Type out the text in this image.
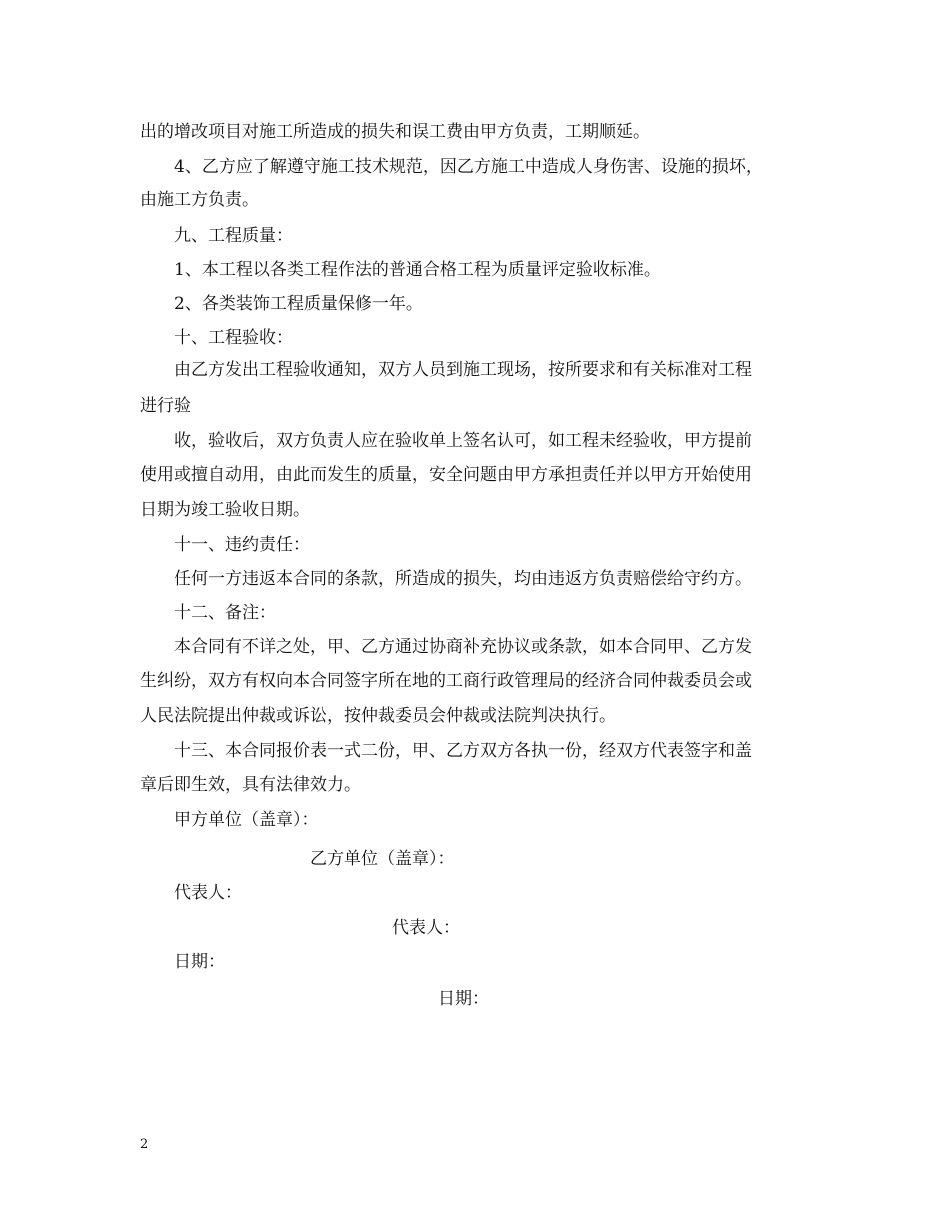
出的增改项目对施工所造成的损失和误工费由甲方负责，工期顺延。
4、乙方应了解遵守施工技术规范，因乙方施工中造成人身伤害、设施的损坏，
由施工方负责。
九、工程质量：
1、本工程以各类工程作法的普通合格工程为质量评定验收标准。
2、各类装饰工程质量保修一年。
十、工程验收：
由乙方发出工程验收通知，双方人员到施工现场，按所要求和有关标准对工程
进行验
收，验收后，双方负责人应在验收单上签名认可，如工程未经验收，甲方提前
使用或擅自动用，由此而发生的质量，安全问题由甲方承担责任并以甲方开始使用
日期为竣工验收日期。
十一、违约责任：
任何一方违返本合同的条款，所造成的损失，均由违返方负责赔偿给守约方。
十二、备注：
本合同有不详之处，甲、乙方通过协商补充协议或条款，如本合同甲、乙方发
生纠纷，双方有权向本合同签字所在地的工商行政管理局的经济合同仲裁委员会或
人民法院提出仲裁或诉讼，按仲裁委员会仲裁或法院判决执行。
十三、本合同报价表一式二份，甲、乙方双方各执一份，经双方代表签字和盖
章后即生效，具有法律效力。
甲方单位（盖章）：
乙方单位（盖章）：
代表人：
代表人：
日期：
日期：
2
